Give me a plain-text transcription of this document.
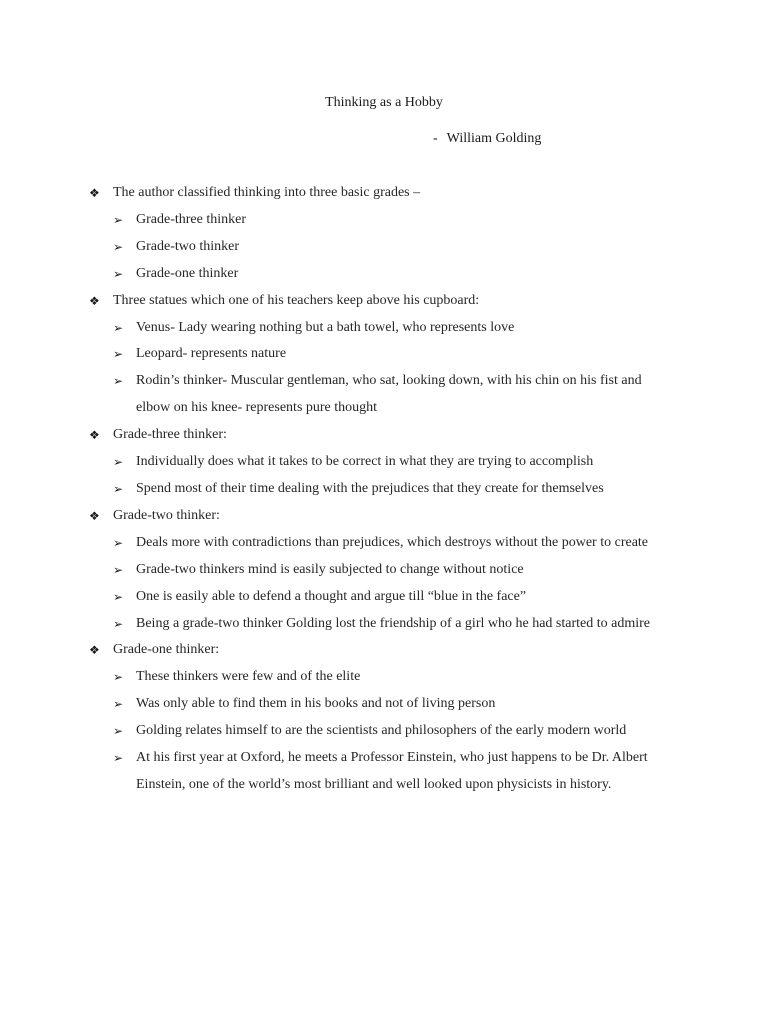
Thinking as a Hobby
- William Golding
❖ The author classified thinking into three basic grades –
➢ Grade-three thinker
➢ Grade-two thinker
➢ Grade-one thinker
❖ Three statues which one of his teachers keep above his cupboard:
➢ Venus- Lady wearing nothing but a bath towel, who represents love
➢ Leopard- represents nature
➢ Rodin’s thinker- Muscular gentleman, who sat, looking down, with his chin on his fist and elbow on his knee- represents pure thought
❖ Grade-three thinker:
➢ Individually does what it takes to be correct in what they are trying to accomplish
➢ Spend most of their time dealing with the prejudices that they create for themselves
❖ Grade-two thinker:
➢ Deals more with contradictions than prejudices, which destroys without the power to create
➢ Grade-two thinkers mind is easily subjected to change without notice
➢ One is easily able to defend a thought and argue till “blue in the face”
➢ Being a grade-two thinker Golding lost the friendship of a girl who he had started to admire
❖ Grade-one thinker:
➢ These thinkers were few and of the elite
➢ Was only able to find them in his books and not of living person
➢ Golding relates himself to are the scientists and philosophers of the early modern world
➢ At his first year at Oxford, he meets a Professor Einstein, who just happens to be Dr. Albert Einstein, one of the world’s most brilliant and well looked upon physicists in history.
